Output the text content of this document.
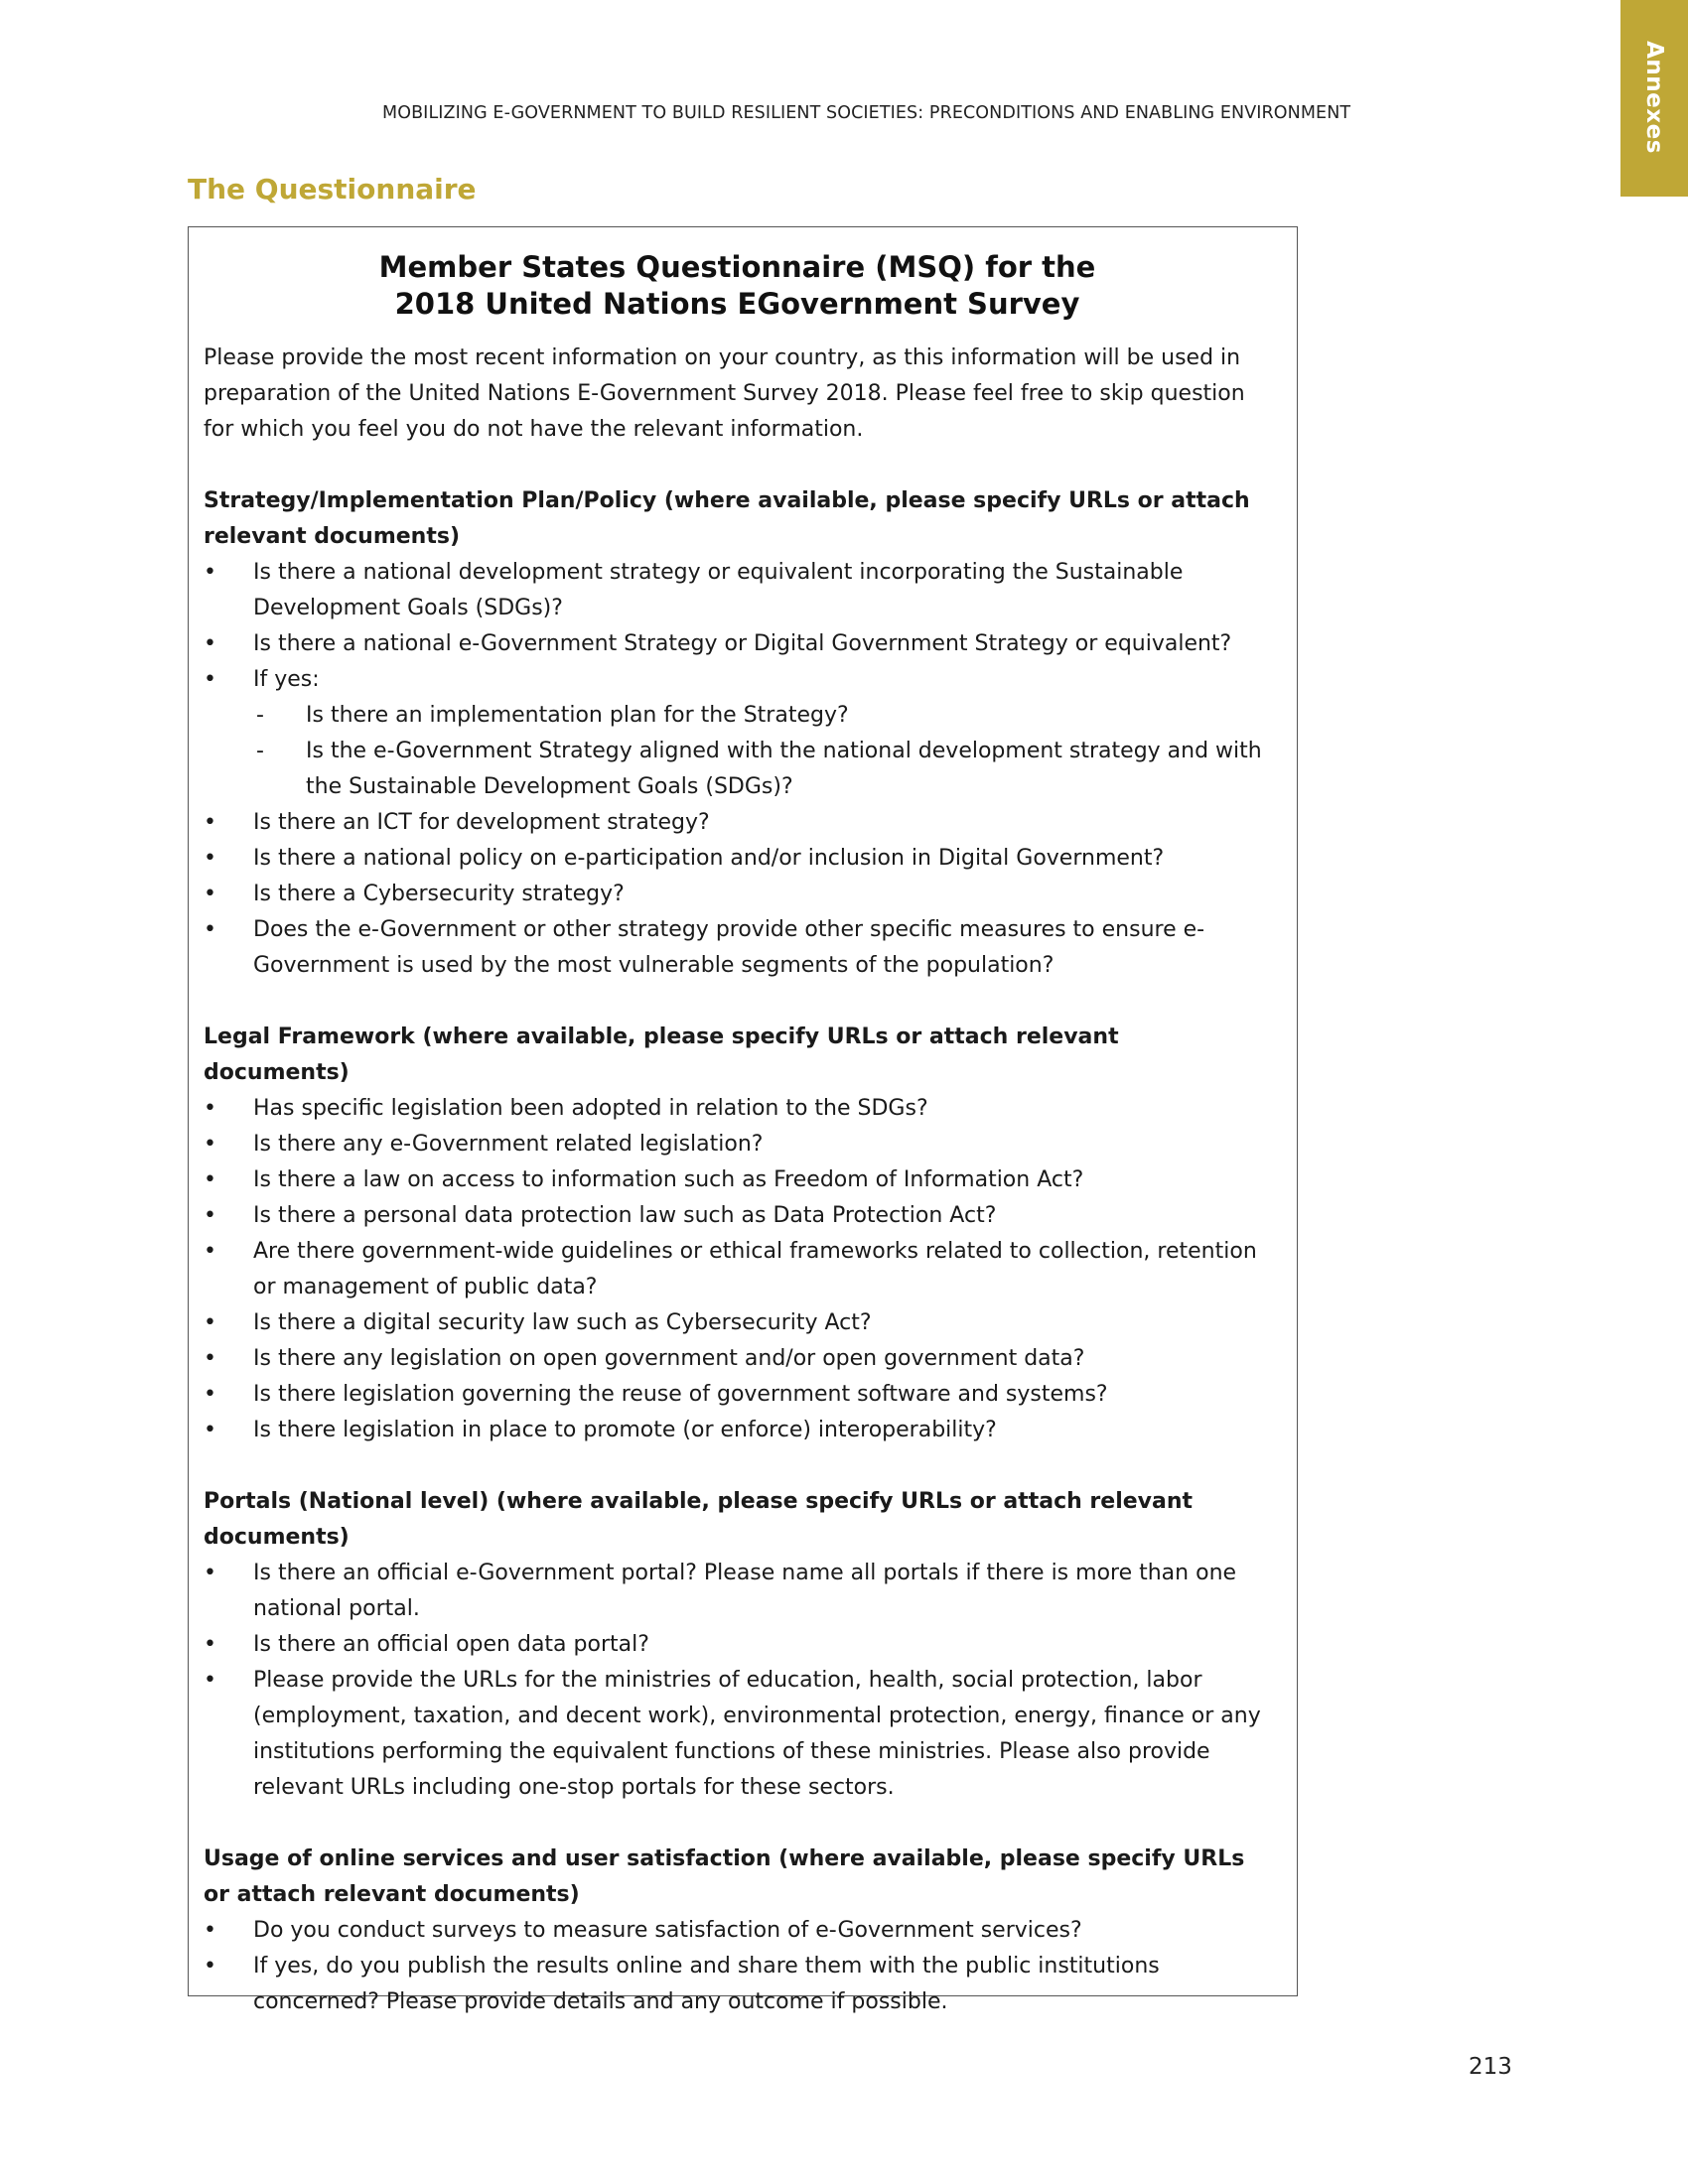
MOBILIZING E-GOVERNMENT TO BUILD RESILIENT SOCIETIES: PRECONDITIONS AND ENABLING ENVIRONMENT	Annexes
The Questionnaire
Member States Questionnaire (MSQ) for the
2018 United Nations EGovernment Survey

Please provide the most recent information on your country, as this information will be used in preparation of the United Nations E-Government Survey 2018. Please feel free to skip question for which you feel you do not have the relevant information.

Strategy/Implementation Plan/Policy (where available, please specify URLs or attach relevant documents)

•	Is there a national development strategy or equivalent incorporating the Sustainable Development Goals (SDGs)?
•	Is there a national e-Government Strategy or Digital Government Strategy or equivalent?
•	If yes:
- Is there an implementation plan for the Strategy?
- Is the e-Government Strategy aligned with the national development strategy and with the Sustainable Development Goals (SDGs)?
•	Is there an ICT for development strategy?
•	Is there a national policy on e-participation and/or inclusion in Digital Government?
•	Is there a Cybersecurity strategy?
•	Does the e-Government or other strategy provide other specific measures to ensure e-Government is used by the most vulnerable segments of the population?

Legal Framework (where available, please specify URLs or attach relevant documents)

•	Has specific legislation been adopted in relation to the SDGs?
•	Is there any e-Government related legislation?
•	Is there a law on access to information such as Freedom of Information Act?
•	Is there a personal data protection law such as Data Protection Act?
•	Are there government-wide guidelines or ethical frameworks related to collection, retention or management of public data?
•	Is there a digital security law such as Cybersecurity Act?
•	Is there any legislation on open government and/or open government data?
•	Is there legislation governing the reuse of government software and systems?
•	Is there legislation in place to promote (or enforce) interoperability?

Portals (National level) (where available, please specify URLs or attach relevant documents)

•	Is there an official e-Government portal? Please name all portals if there is more than one national portal.
•	Is there an official open data portal?
•	Please provide the URLs for the ministries of education, health, social protection, labor (employment, taxation, and decent work), environmental protection, energy, finance or any institutions performing the equivalent functions of these ministries. Please also provide relevant URLs including one-stop portals for these sectors.

Usage of online services and user satisfaction (where available, please specify URLs or attach relevant documents)

•	Do you conduct surveys to measure satisfaction of e-Government services?
•	If yes, do you publish the results online and share them with the public institutions concerned? Please provide details and any outcome if possible.
213
